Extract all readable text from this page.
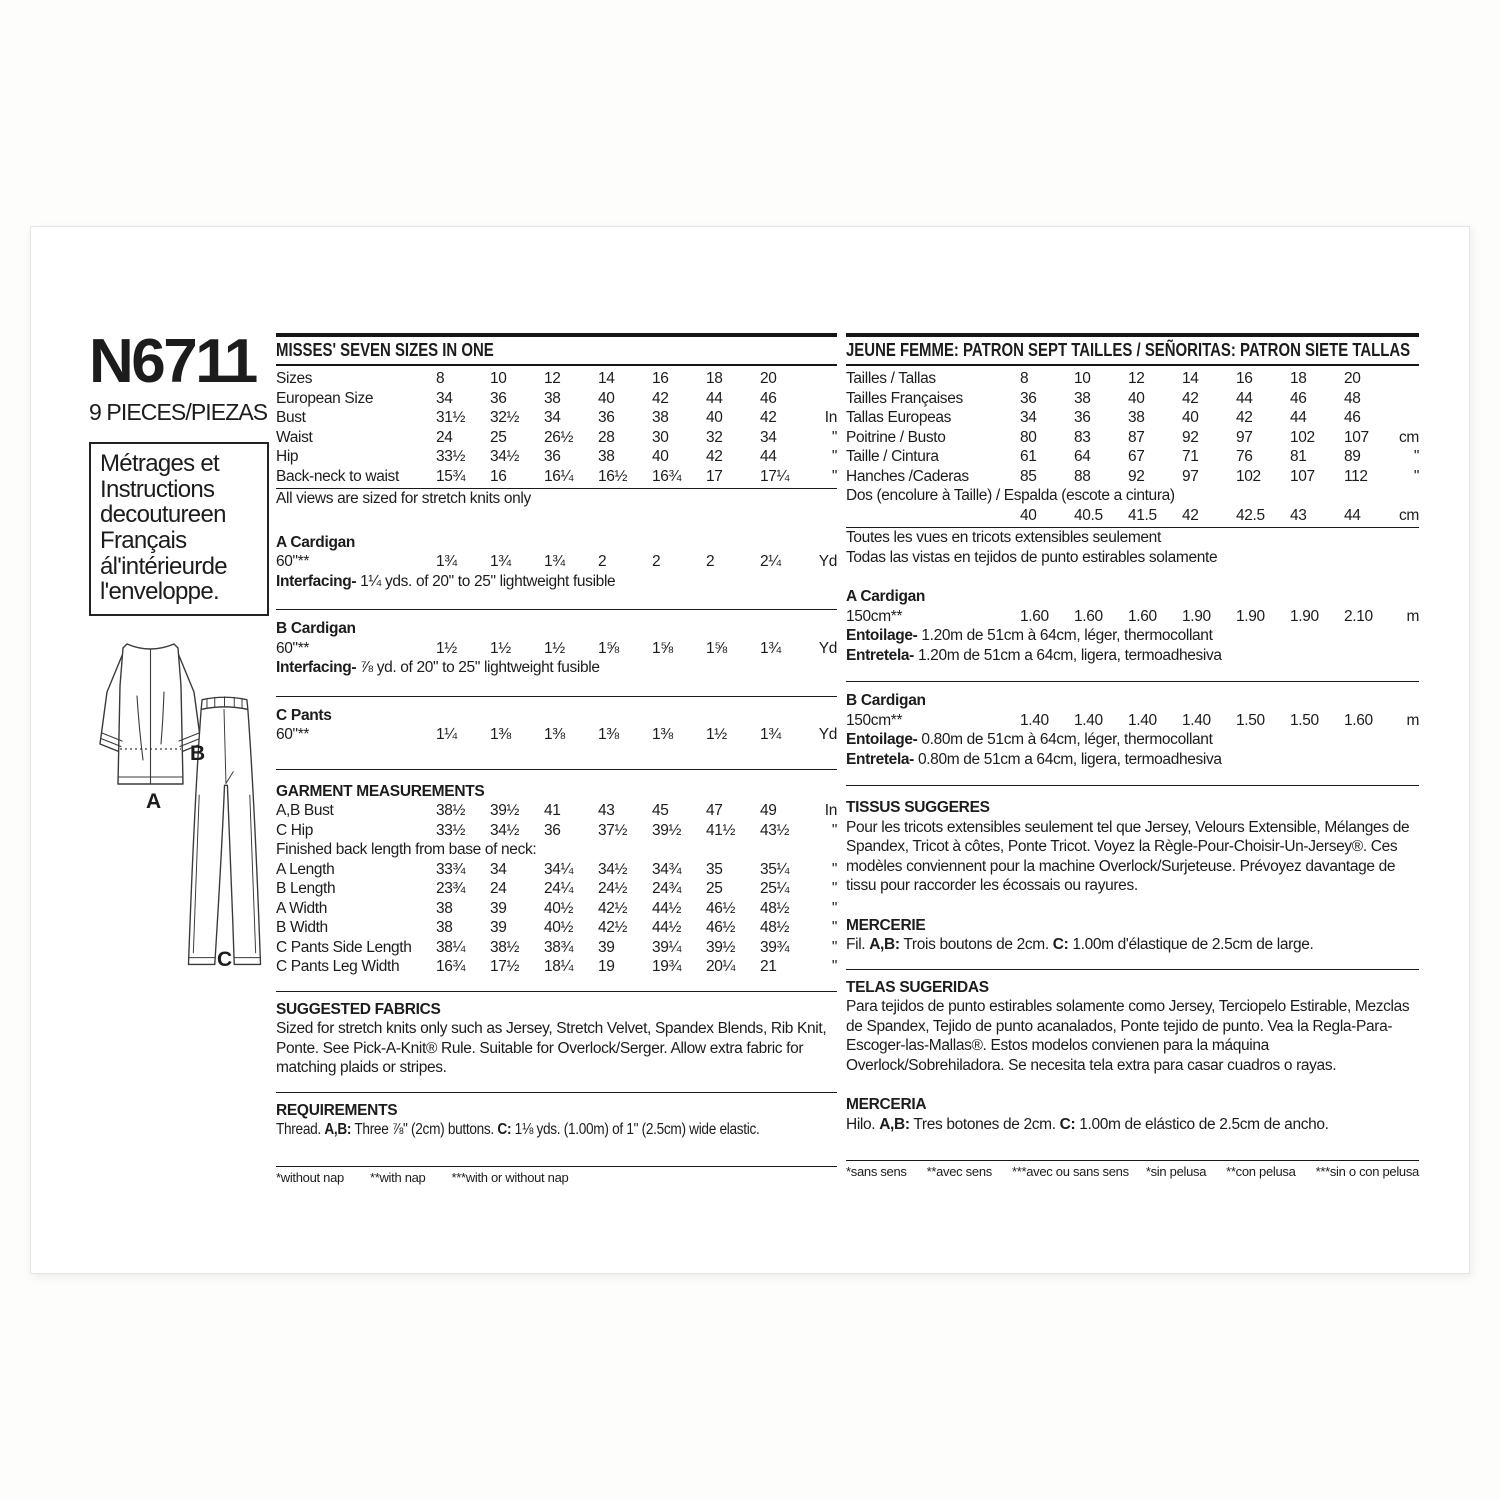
N6711
9 PIECES/PIEZAS
Métrages et
Instructions
decoutureen
Français
ál'intérieurde
l'enveloppe.
A
B
C
MISSES' SEVEN SIZES IN ONE
Sizes	8	10	12	14	16	18	20
European Size	34	36	38	40	42	44	46
Bust	31½	32½	34	36	38	40	42	In
Waist	24	25	26½	28	30	32	34	"
Hip	33½	34½	36	38	40	42	44	"
Back-neck to waist	15¾	16	16¼	16½	16¾	17	17¼	"

All views are sized for stretch knits only

A Cardigan
60"**	1¾	1¾	1¾	2	2	2	2¼	Yd

Interfacing- 1¼ yds. of 20" to 25" lightweight fusible

B Cardigan
60"**	1½	1½	1½	1⅝	1⅝	1⅝	1¾	Yd

Interfacing- ⅞ yd. of 20" to 25" lightweight fusible

C Pants
60"**	1¼	1⅜	1⅜	1⅜	1⅜	1½	1¾	Yd
GARMENT MEASUREMENTS
A,B Bust	38½	39½	41	43	45	47	49	In
C Hip	33½	34½	36	37½	39½	41½	43½	"
Finished back length from base of neck:
A Length	33¾	34	34¼	34½	34¾	35	35¼	"
B Length	23¾	24	24¼	24½	24¾	25	25¼	"
A Width	38	39	40½	42½	44½	46½	48½	"
B Width	38	39	40½	42½	44½	46½	48½	"
C Pants Side Length	38¼	38½	38¾	39	39¼	39½	39¾	"
C Pants Leg Width	16¾	17½	18¼	19	19¾	20¼	21	"
SUGGESTED FABRICS

Sized for stretch knits only such as Jersey, Stretch Velvet, Spandex Blends, Rib Knit, Ponte. See Pick-A-Knit® Rule. Suitable for Overlock/Serger. Allow extra fabric for matching plaids or stripes.

REQUIREMENTS

Thread. A,B: Three ⅞" (2cm) buttons. C: 1⅛ yds. (1.00m) of 1" (2.5cm) wide elastic.

*without nap **with nap ***with or without nap
JEUNE FEMME: PATRON SEPT TAILLES / SEÑORITAS: PATRON SIETE TALLAS
Tailles / Tallas	8	10	12	14	16	18	20
Tailles Françaises	36	38	40	42	44	46	48
Tallas Europeas	34	36	38	40	42	44	46
Poitrine / Busto	80	83	87	92	97	102	107	cm
Taille / Cintura	61	64	67	71	76	81	89	"
Hanches /Caderas	85	88	92	97	102	107	112	"
Dos (encolure à Taille) / Espalda (escote a cintura)
40	40.5	41.5	42	42.5	43	44	cm

Toutes les vues en tricots extensibles seulement

Todas las vistas en tejidos de punto estirables solamente

A Cardigan
150cm**	1.60	1.60	1.60	1.90	1.90	1.90	2.10	m

Entoilage- 1.20m de 51cm à 64cm, léger, thermocollant

Entretela- 1.20m de 51cm a 64cm, ligera, termoadhesiva

B Cardigan
150cm**	1.40	1.40	1.40	1.40	1.50	1.50	1.60	m

Entoilage- 0.80m de 51cm à 64cm, léger, thermocollant

Entretela- 0.80m de 51cm a 64cm, ligera, termoadhesiva

TISSUS SUGGERES

Pour les tricots extensibles seulement tel que Jersey, Velours Extensible, Mélanges de Spandex, Tricot à côtes, Ponte Tricot. Voyez la Règle-Pour-Choisir-Un-Jersey®. Ces modèles conviennent pour la machine Overlock/Surjeteuse. Prévoyez davantage de tissu pour raccorder les écossais ou rayures.

MERCERIE

Fil. A,B: Trois boutons de 2cm. C: 1.00m d'élastique de 2.5cm de large.

TELAS SUGERIDAS

Para tejidos de punto estirables solamente como Jersey, Terciopelo Estirable, Mezclas de Spandex, Tejido de punto acanalados, Ponte tejido de punto. Vea la Regla-Para-Escoger-las-Mallas®. Estos modelos convienen para la máquina Overlock/Sobrehiladora. Se necesita tela extra para casar cuadros o rayas.

MERCERIA

Hilo. A,B: Tres botones de 2cm. C: 1.00m de elástico de 2.5cm de ancho.

*sans sens **avec sens ***avec ou sans sens *sin pelusa **con pelusa ***sin o con pelusa
